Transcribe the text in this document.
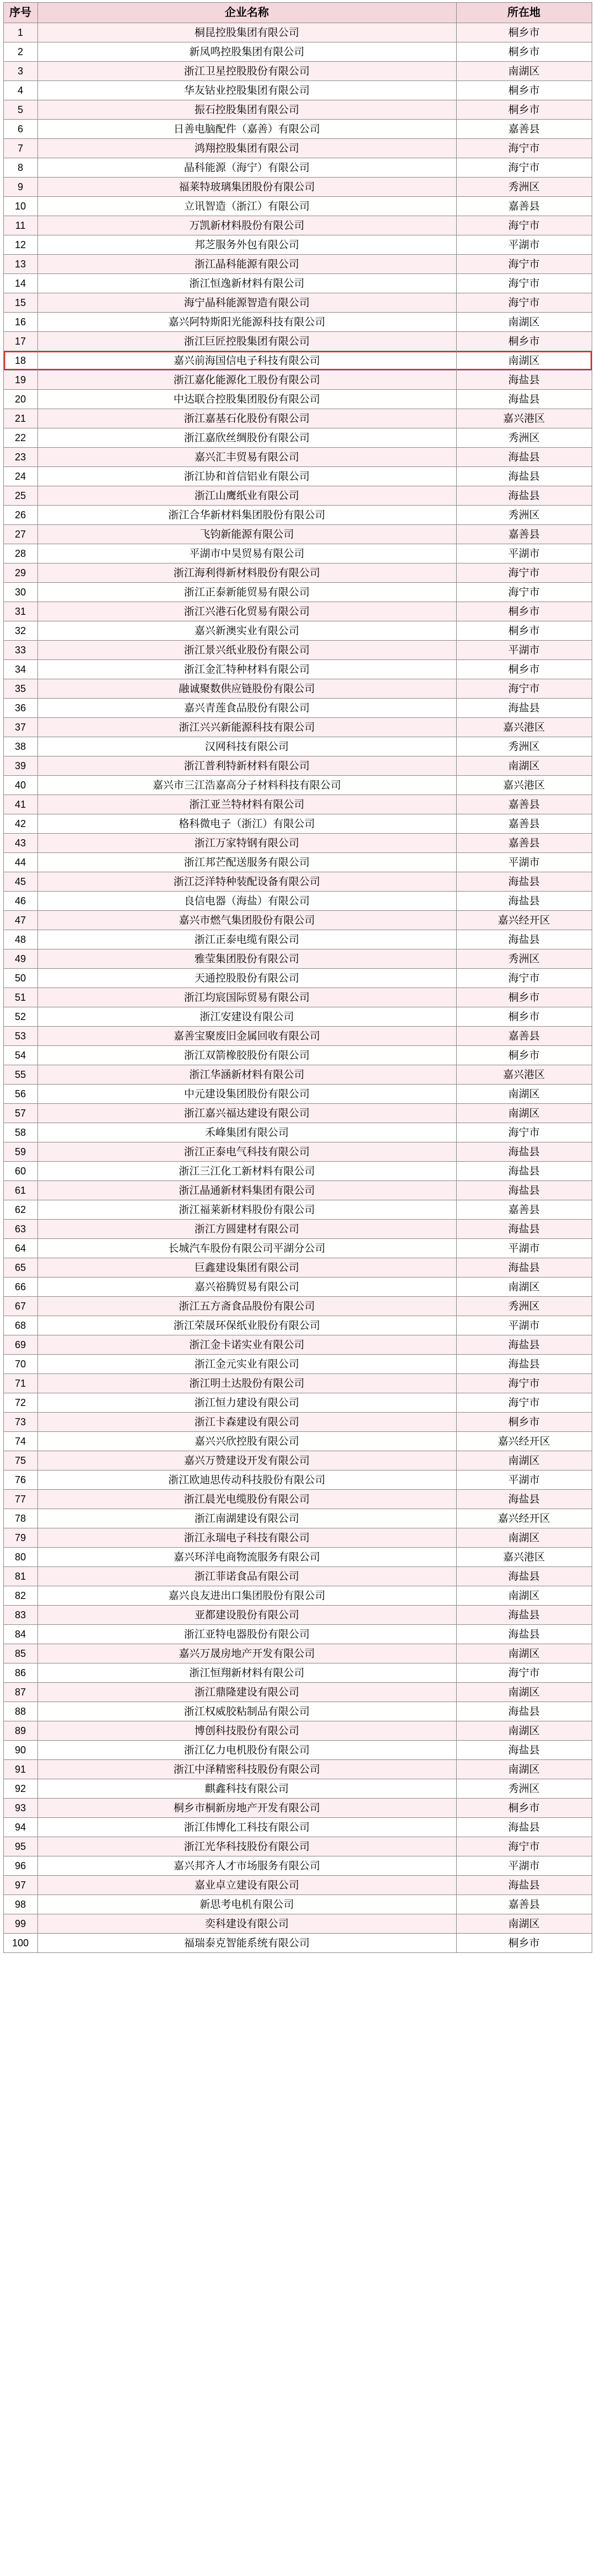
序号	企业名称	所在地
1	桐昆控股集团有限公司	桐乡市
2	新凤鸣控股集团有限公司	桐乡市
3	浙江卫星控股股份有限公司	南湖区
4	华友钴业控股集团有限公司	桐乡市
5	振石控股集团有限公司	桐乡市
6	日善电脑配件（嘉善）有限公司	嘉善县
7	鸿翔控股集团有限公司	海宁市
8	晶科能源（海宁）有限公司	海宁市
9	福莱特玻璃集团股份有限公司	秀洲区
10	立讯智造（浙江）有限公司	嘉善县
11	万凯新材料股份有限公司	海宁市
12	邦芝服务外包有限公司	平湖市
13	浙江晶科能源有限公司	海宁市
14	浙江恒逸新材料有限公司	海宁市
15	海宁晶科能源智造有限公司	海宁市
16	嘉兴阿特斯阳光能源科技有限公司	南湖区
17	浙江巨匠控股集团有限公司	桐乡市
18	嘉兴前海国信电子科技有限公司	南湖区
19	浙江嘉化能源化工股份有限公司	海盐县
20	中达联合控股集团股份有限公司	海盐县
21	浙江嘉基石化股份有限公司	嘉兴港区
22	浙江嘉欣丝绸股份有限公司	秀洲区
23	嘉兴汇丰贸易有限公司	海盐县
24	浙江协和首信铝业有限公司	海盐县
25	浙江山鹰纸业有限公司	海盐县
26	浙江合华新材料集团股份有限公司	秀洲区
27	飞钧新能源有限公司	嘉善县
28	平湖市中昊贸易有限公司	平湖市
29	浙江海利得新材料股份有限公司	海宁市
30	浙江正泰新能贸易有限公司	海宁市
31	浙江兴港石化贸易有限公司	桐乡市
32	嘉兴新澳实业有限公司	桐乡市
33	浙江景兴纸业股份有限公司	平湖市
34	浙江金汇特种材料有限公司	桐乡市
35	融诚聚数供应链股份有限公司	海宁市
36	嘉兴青莲食品股份有限公司	海盐县
37	浙江兴兴新能源科技有限公司	嘉兴港区
38	汉网科技有限公司	秀洲区
39	浙江普利特新材料有限公司	南湖区
40	嘉兴市三江浩嘉高分子材料科技有限公司	嘉兴港区
41	浙江亚兰特材料有限公司	嘉善县
42	格科微电子（浙江）有限公司	嘉善县
43	浙江万家特钢有限公司	嘉善县
44	浙江邦芒配送服务有限公司	平湖市
45	浙江泛洋特种装配设备有限公司	海盐县
46	良信电器（海盐）有限公司	海盐县
47	嘉兴市燃气集团股份有限公司	嘉兴经开区
48	浙江正泰电缆有限公司	海盐县
49	雅莹集团股份有限公司	秀洲区
50	天通控股股份有限公司	海宁市
51	浙江均宸国际贸易有限公司	桐乡市
52	浙江安建设有限公司	桐乡市
53	嘉善宝聚废旧金属回收有限公司	嘉善县
54	浙江双箭橡胶股份有限公司	桐乡市
55	浙江华涵新材料有限公司	嘉兴港区
56	中元建设集团股份有限公司	南湖区
57	浙江嘉兴福达建设有限公司	南湖区
58	禾峰集团有限公司	海宁市
59	浙江正泰电气科技有限公司	海盐县
60	浙江三江化工新材料有限公司	海盐县
61	浙江晶通新材料集团有限公司	海盐县
62	浙江福莱新材料股份有限公司	嘉善县
63	浙江方圆建材有限公司	海盐县
64	长城汽车股份有限公司平湖分公司	平湖市
65	巨鑫建设集团有限公司	海盐县
66	嘉兴裕腾贸易有限公司	南湖区
67	浙江五方斋食品股份有限公司	秀洲区
68	浙江荣晟环保纸业股份有限公司	平湖市
69	浙江金卡诺实业有限公司	海盐县
70	浙江金元实业有限公司	海盐县
71	浙江明土达股份有限公司	海宁市
72	浙江恒力建设有限公司	海宁市
73	浙江卡森建设有限公司	桐乡市
74	嘉兴兴欣控股有限公司	嘉兴经开区
75	嘉兴万赞建设开发有限公司	南湖区
76	浙江欧迪思传动科技股份有限公司	平湖市
77	浙江晨光电缆股份有限公司	海盐县
78	浙江南湖建设有限公司	嘉兴经开区
79	浙江永瑞电子科技有限公司	南湖区
80	嘉兴环洋电商物流服务有限公司	嘉兴港区
81	浙江菲诺食品有限公司	海盐县
82	嘉兴良友进出口集团股份有限公司	南湖区
83	亚都建设股份有限公司	海盐县
84	浙江亚特电器股份有限公司	海盐县
85	嘉兴万晟房地产开发有限公司	南湖区
86	浙江恒翔新材料有限公司	海宁市
87	浙江鼎隆建设有限公司	南湖区
88	浙江权威胶粘制品有限公司	海盐县
89	博创科技股份有限公司	南湖区
90	浙江亿力电机股份有限公司	海盐县
91	浙江中泽精密科技股份有限公司	南湖区
92	麒鑫科技有限公司	秀洲区
93	桐乡市桐新房地产开发有限公司	桐乡市
94	浙江伟博化工科技有限公司	海盐县
95	浙江光华科技股份有限公司	海宁市
96	嘉兴邦齐人才市场服务有限公司	平湖市
97	嘉业卓立建设有限公司	海盐县
98	新思考电机有限公司	嘉善县
99	奕科建设有限公司	南湖区
100	福瑞泰克智能系统有限公司	桐乡市
